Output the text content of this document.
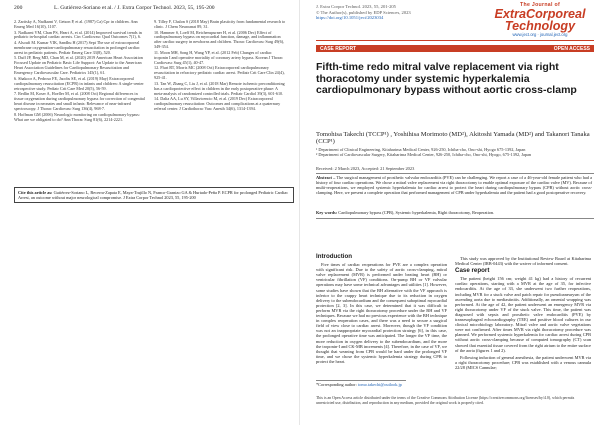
200	L. Gutiérrez-Soriano et al. / J. Extra Corpor Technol. 2023, 55, 195-200
2. Zaritsky A, Nadkarni V, Getson P, et al. (1987) Ca) Cpr in children. Ann Emerg Med 16(10), 1107.
3. Nadkarni VM, Chan PS, Heart A, et al. (2014) Improved survival trends in pediatric in-hospital cardiac arrests. Circ Cardiovasc Qual Outcomes 7(1), 6.
4. Alsoufi M. Kumar VIK, Sandhu H (2017) Sept The use of extracorporeal membrane oxygenation-cardiopulmonary resuscitation in prolonged cardiac arrest in pediatric patients. Pediatr Emerg Care 33(8), 520.
5. Duff JP, Berg MD, Chan M, et al. (2020) 2019 American Heart Association Focused Update on Pediatric Basic Life Support: An Update to the American Heart Association Guidelines for Cardiopulmonary Resuscitation and Emergency Cardiovascular Care. Pediatrics 145(1), 61.
6. Shakoor A, Pedroso FE, Jacobs SE, et al. (2019) May) Extracorporeal cardiopulmonary resuscitation (ECPR) in infants and children: A single-center retrospective study. Pediatr Crit Care Med 20(5), 56-59.
7. Redlin M, Koser A, Hoeller M, et al. (2008 Oct) Regional differences in tissue oxygenation during cardiopulmonary bypass for correction of congenital heart disease in neonates and small infants: Relevance of near-infrared spectroscopy. J Thorac Cardiovasc Surg 136(4), 968-7.
8. Hoffman GM (2006) Neurologic monitoring on cardiopulmonary bypass: What are we obligated to do? Ann Thorac Surg 81(6), 2214-2221.
9. Tilley F, Chalon S (2018 May) Brain plasticity from fundamental research to clinic. J Chem Neuroanat 89, 31.
10. Hammer S, Loeff M, Reichenspurner H, et al. (2006 Dec) Effect of cardiopulmonary bypass on myocardial function, damage, and inflammation after cardiac surgery in newborns and children. Thorac Cardiovasc Surg 49(6), 349-354.
11. Moon MH, Song H, Wang YP, et al. (2012 Feb) Changes of cardiac troponin I and operative mortality of coronary artery bypass. Korean J Thorac Cardiovasc Surg 45(1), 40-47.
12. Flurt RT, Morris MC (2008 Oct) Extracorporeal cardiopulmonary resuscitation in refractory pediatric cardiac arrest. Pediatr Crit Care Clin 24(4), 925-41.
13. Tan W, Zhang C, Liu J, et al. (2018 Mar) Remote ischemic preconditioning has a cardioprotective effect in children in the early postoperative phase: A meta-analysis of randomized controlled trials. Pediatr Cardiol 39(3), 601-610.
14. Dalia AA, Lu SY, Villavicencio M, et al. (2019 Dec) Extracorporeal cardiopulmonary resuscitation: Outcomes and complications at a quaternary referral center. J Cardiothorac Vasc Anesth 34(6), 1314-1394.
Cite this article as: Gutiérrez-Soriano L, Becerra-Zapata E, Maya-Trujillo N, Franco-Granizo GA & Hurtado-Peña P. ECPR for prolonged Pediatric Cardiac Arrest, an outcome without major neurological compromise. J Extra Corpor Technol 2023, 55, 195-200
J. Extra Corpor Technol. 2023, 55, 201-205
© The Author(s), published by EDP Sciences, 2023
https://doi.org/10.1051/ject/2023034
The Journal of
ExtraCorporeal
Technology
www.ject.org · journal.ject.org
CASE REPORT	OPEN ACCESS
Fifth-time redo mitral valve replacement via right thoracotomy under systemic hyperkalemia cardiopulmonary bypass without aortic cross-clamp
Tomohisa Takechi (TCCP¹) , Yoshihisa Morimoto (MD²), Akitoshi Yamada (MD²) and Takanori Tanaka (CCP¹)
¹ Department of Clinical Engineering, Kitaharima Medical Center, 926-250, Ichiba-cho, Ono-shi, Hyogo 675-1392, Japan
² Department of Cardiovascular Surgery, Kitaharima Medical Center, 926-250, Ichiba-cho, Ono-shi, Hyogo, 675-1392, Japan
Received: 2 March 2023, Accepted: 21 September 2023
Abstract – The surgical management of prosthetic valvular endocarditis (PVE) can be challenging. We report a case of a 46-year-old female patient who had a history of four cardiac operations. We chose a mitral valve replacement via right thoracotomy to enable optimal exposure of the cardiac valve (MV). Because of multi-reoperations, we employed systemic hyperkalemia for cardiac arrest to protect the heart during cardiopulmonary bypass (CPB) without aortic cross-clamping. Here, we present a complete operation that performed management of CPB under hyperkalemia and the patient had a good postoperative recovery.
Key words: Cardiopulmonary bypass (CPB), Systemic hyperkalemia, Right thoracotomy, Reoperation.
Introduction

Five times of cardiac reoperations for PVE are a complex operation with significant risk. Due to the safety of aortic cross-clamping, mitral valve replacement (MVR) is performed under beating heart (BH) or ventricular fibrillation (VF) conditions. On-pump BH or VF valvular operations may have some technical advantages and utilities [1]. However, some studies have shown that the BH alternative with the VF approach is inferior to the crappy heart technique due to its reduction in oxygen delivery to the subendocardium and the consequent suboptimal myocardial protection [2, 3]. In this case, we determined that it was difficult to perform MVR via the right thoracotomy procedure under the BH and VF techniques. Because we had no previous experience with the BH technique in complex reoperation cases, and there was a need to secure a surgical field of view close to cardiac arrest. Moreover, though the VF condition was not an inappropriate myocardial protection strategy [6], in this case, the prolonged operative time was anticipated. The longer the VF time, the more reduction in oxygen delivery to the subendocardium, and the more the troponin-I and CK-MB increments [4]. Therefore, in the case of VF, we thought that weaning from CPB would be hard under the prolonged VF time, and we chose the systemic hyperkalemia strategy during CPB to protect the heart.

This study was approved by the Institutional Review Board at Kitaharima Medical Center (IRB-0443) with the waiver of informed consent.

Case report

The patient (height 156 cm; weight 41 kg) had a history of recurrent cardiac operations, starting with a MVR at the age of 35, for infective endocarditis. At the age of 33, she underwent two further reoperations, including MVR for a stuck valve and patch repair for pseudoaneurysm of the ascending aorta due to mediastinitis. Additionally, an omental wrapping was performed. At the age of 42, the patient underwent an emergency MVR via right thoracotomy under VF of the stuck valve. This time, the patient was diagnosed with sepsis and prosthetic valve endocarditis (PVE) by transesophageal echocardiography (TEE) and positive blood cultures in our clinical microbiology laboratory. Mitral valve and aortic valve vegetations were not confirmed. After times MVR via right thoracotomy procedure was planned. We performed systemic hyperkalemia for cardiac arrest during CPB without aortic cross-clamping because of computed tomography (CT) scan showed that essential tissue covered from the right atrium to the entire surface of the aorta (figures 1 and 2).

Following induction of general anesthesia, the patient underwent MVR via a right thoracotomy procedure; CPB was established with a venous cannula 22/28 (MICS Cannulae;

*Corresponding author: tomo.takechi@outlook.jp
This is an Open Access article distributed under the terms of the Creative Commons Attribution License (https://creativecommons.org/licenses/by/4.0), which permits unrestricted use, distribution, and reproduction in any medium, provided the original work is properly cited.
